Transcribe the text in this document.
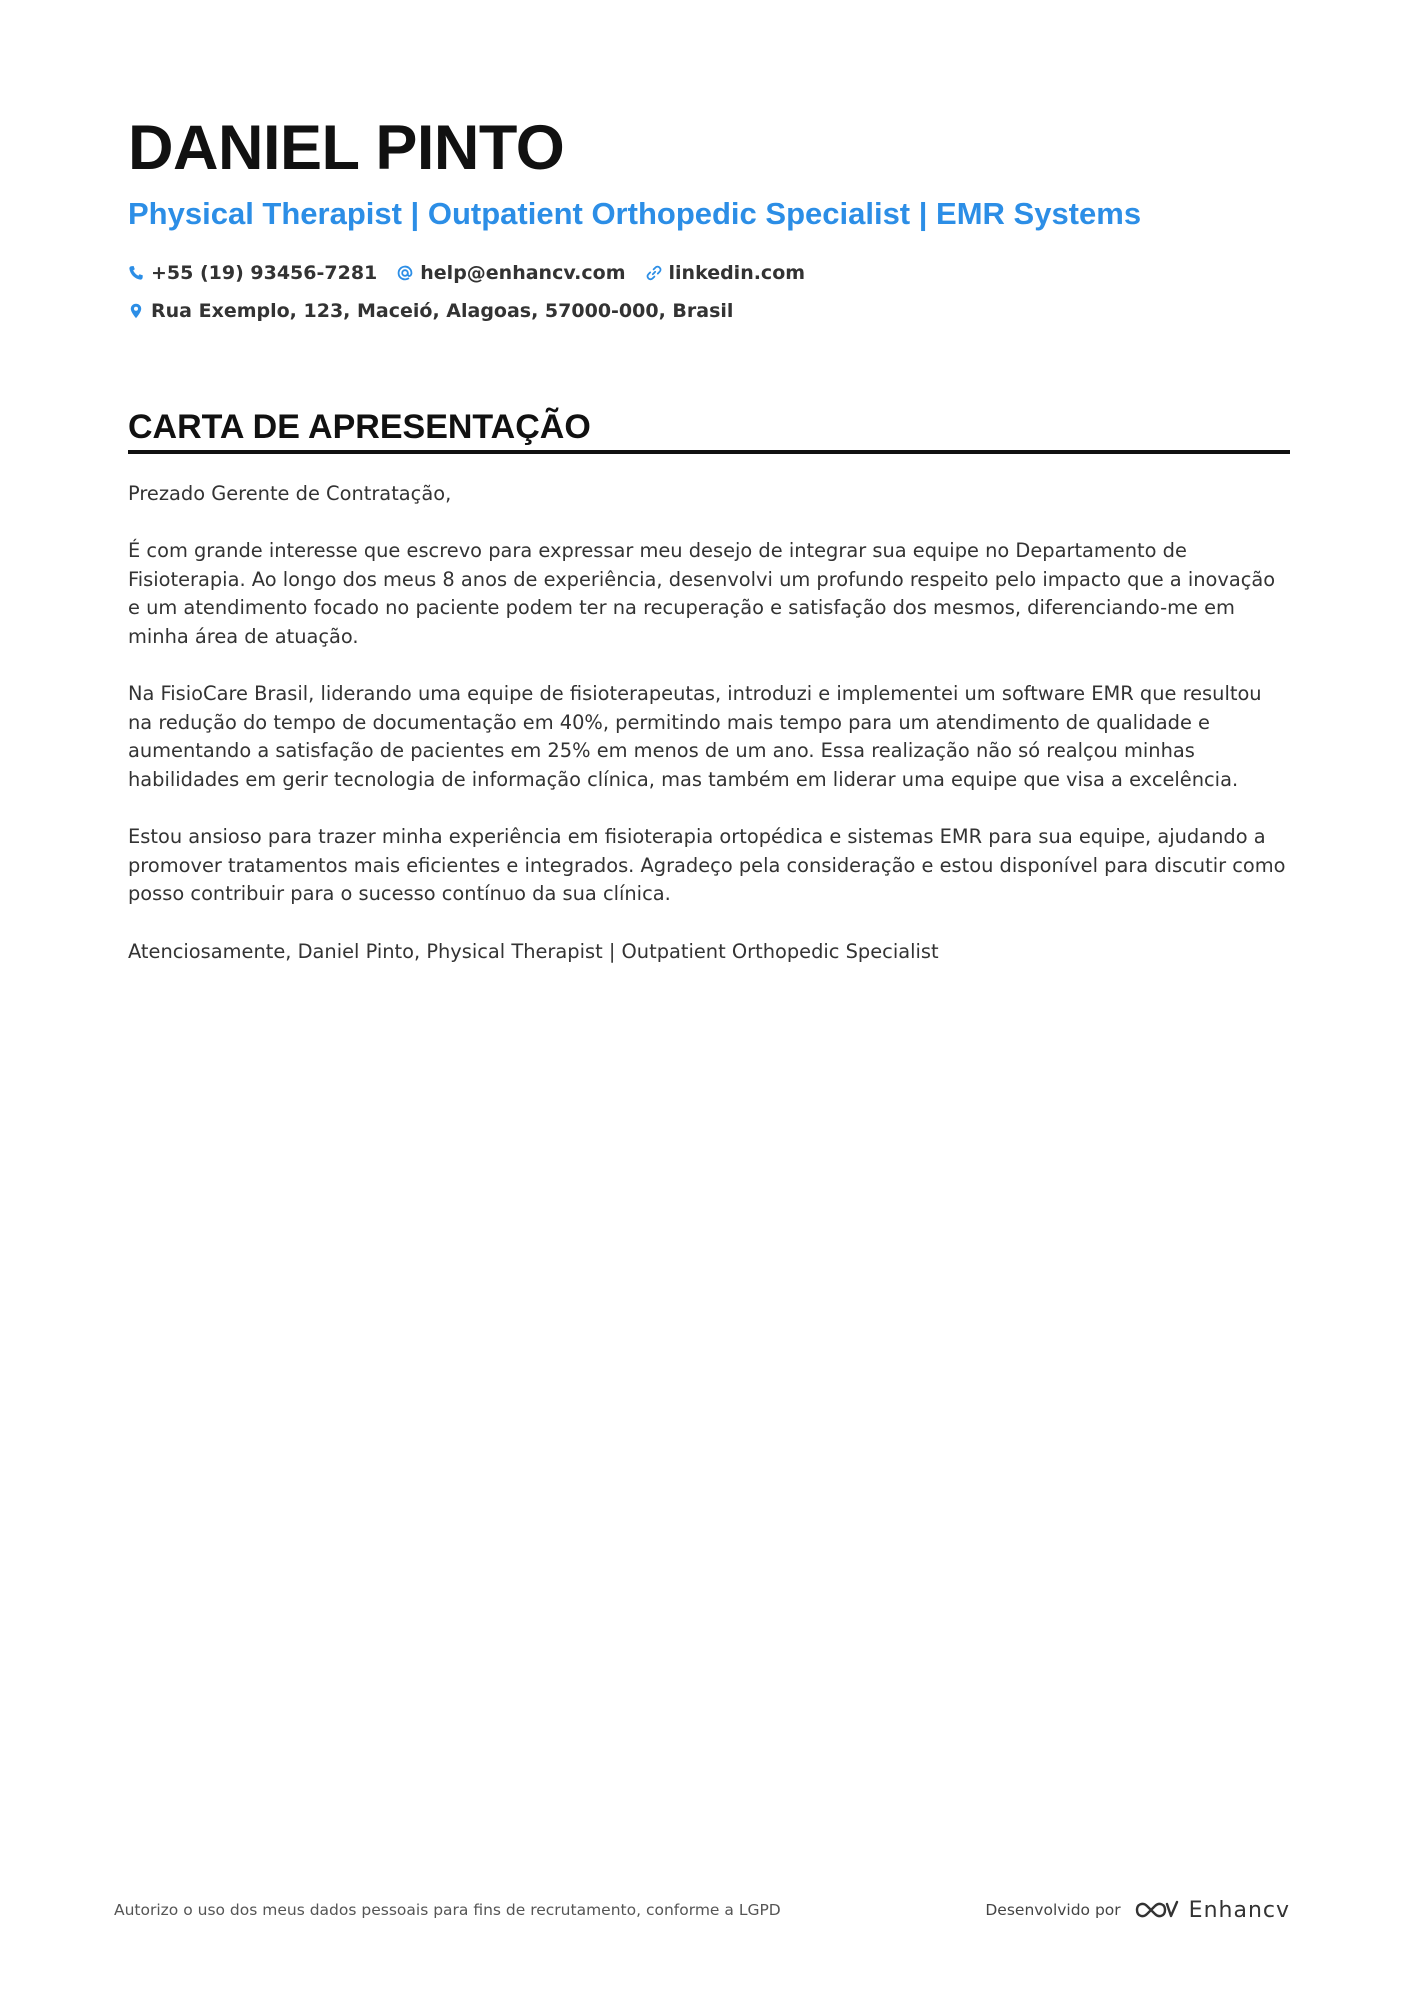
DANIEL PINTO
Physical Therapist | Outpatient Orthopedic Specialist | EMR Systems
+55 (19) 93456-7281 help@enhancv.com linkedin.com
Rua Exemplo, 123, Maceió, Alagoas, 57000-000, Brasil
CARTA DE APRESENTAÇÃO

Prezado Gerente de Contratação,

É com grande interesse que escrevo para expressar meu desejo de integrar sua equipe no Departamento de Fisioterapia. Ao longo dos meus 8 anos de experiência, desenvolvi um profundo respeito pelo impacto que a inovação e um atendimento focado no paciente podem ter na recuperação e satisfação dos mesmos, diferenciando-me em minha área de atuação.

Na FisioCare Brasil, liderando uma equipe de fisioterapeutas, introduzi e implementei um software EMR que resultou na redução do tempo de documentação em 40%, permitindo mais tempo para um atendimento de qualidade e aumentando a satisfação de pacientes em 25% em menos de um ano. Essa realização não só realçou minhas habilidades em gerir tecnologia de informação clínica, mas também em liderar uma equipe que visa a excelência.

Estou ansioso para trazer minha experiência em fisioterapia ortopédica e sistemas EMR para sua equipe, ajudando a promover tratamentos mais eficientes e integrados. Agradeço pela consideração e estou disponível para discutir como posso contribuir para o sucesso contínuo da sua clínica.

Atenciosamente, Daniel Pinto, Physical Therapist | Outpatient Orthopedic Specialist

Autorizo o uso dos meus dados pessoais para fins de recrutamento, conforme a LGPD	Desenvolvido por	Enhancv
